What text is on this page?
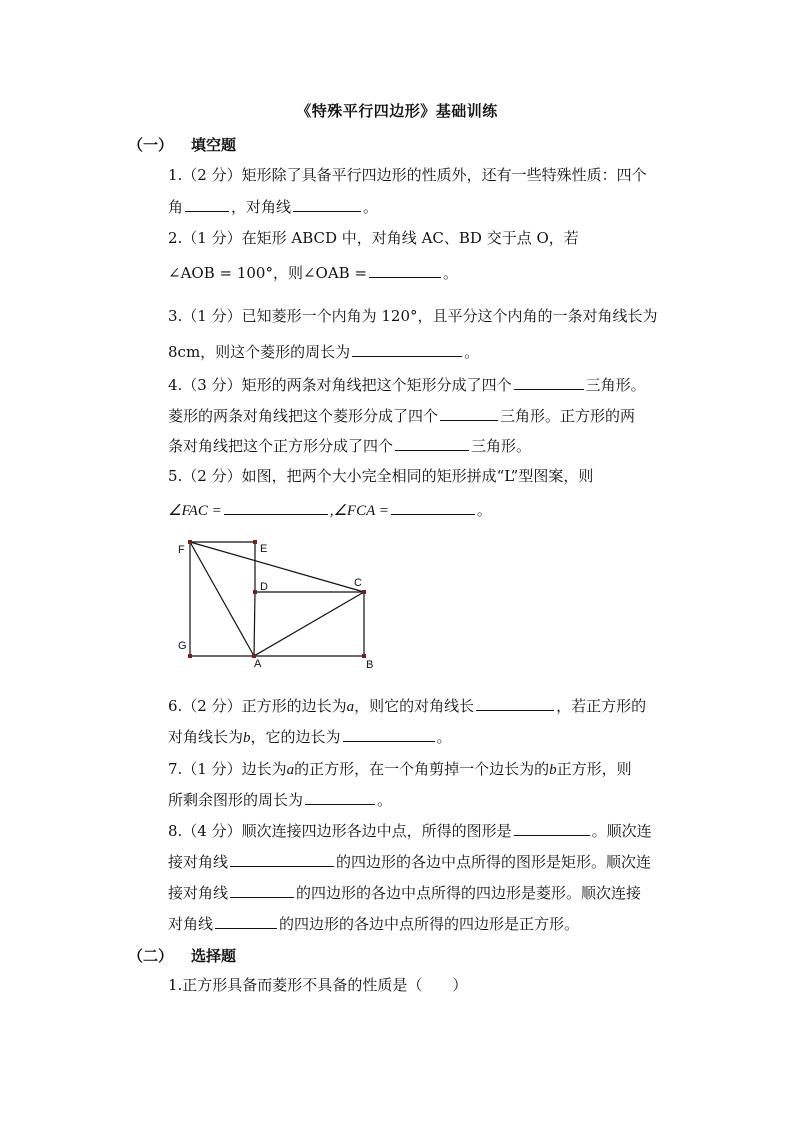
《特殊平行四边形》基础训练
（一） 填空题
1.（2 分）矩形除了具备平行四边形的性质外，还有一些特殊性质：四个
角	，对角线	。
2.（1 分）在矩形 ABCD 中，对角线 AC、BD 交于点 O，若
∠AOB = 100°，则∠OAB =	。
3.（1 分）已知菱形一个内角为 120°，且平分这个内角的一条对角线长为
8cm，则这个菱形的周长为	。
4.（3 分）矩形的两条对角线把这个矩形分成了四个	三角形。
菱形的两条对角线把这个菱形分成了四个	三角形。正方形的两
条对角线把这个正方形分成了四个	三角形。
5.（2 分）如图，把两个大小完全相同的矩形拼成“L”型图案，则
∠FAC =	,∠FCA =	。
F	E
D	C
G
A	B
6.（2 分）正方形的边长为a，则它的对角线长	，若正方形的
对角线长为b，它的边长为	。
7.（1 分）边长为a的正方形，在一个角剪掉一个边长为的b正方形，则
所剩余图形的周长为	。
8.（4 分）顺次连接四边形各边中点，所得的图形是	。顺次连
接对角线	的四边形的各边中点所得的图形是矩形。顺次连
接对角线	的四边形的各边中点所得的四边形是菱形。顺次连接
对角线	的四边形的各边中点所得的四边形是正方形。
（二） 选择题
1.正方形具备而菱形不具备的性质是（　　）
